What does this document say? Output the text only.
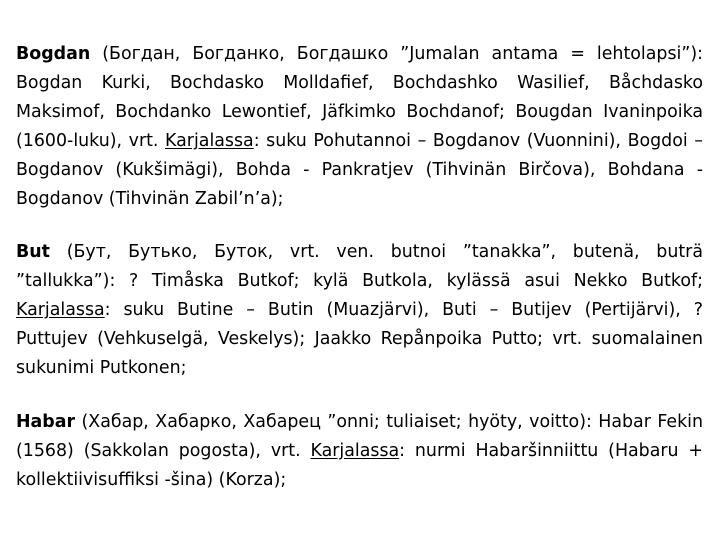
Bogdan (Богдан, Богданко, Богдашко ”Jumalan antama = lehtolapsi”): Bogdan Kurki, Bochdasko Molldafief, Bochdashko Wasilief, Båchdasko Maksimof, Bochdanko Lewontief, Jäfkimko Bochdanof; Bougdan Ivaninpoika (1600-luku), vrt. Karjalassa: suku Pohutannoi – Bogdanov (Vuonnini), Bogdoi – Bogdanov (Kukšimägi), Bohda - Pankratjev (Tihvinän Birčova), Bohdana - Bogdanov (Tihvinän Zabil’n’a);

But (Бут, Бутько, Буток, vrt. ven. butnoi ”tanakka”, butenä, buträ ”tallukka”): ? Timåska Butkof; kylä Butkola, kylässä asui Nekko Butkof; Karjalassa: suku Butine – Butin (Muazjärvi), Buti – Butijev (Pertijärvi), ? Puttujev (Vehkuselgä, Veskelys); Jaakko Repånpoika Putto; vrt. suomalainen sukunimi Putkonen;

Habar (Хабар, Хабарко, Хабарец ”onni; tuliaiset; hyöty, voitto): Habar Fekin (1568) (Sakkolan pogosta), vrt. Karjalassa: nurmi Habaršinniittu (Habaru + kollektiivisuffiksi -šina) (Korza);
